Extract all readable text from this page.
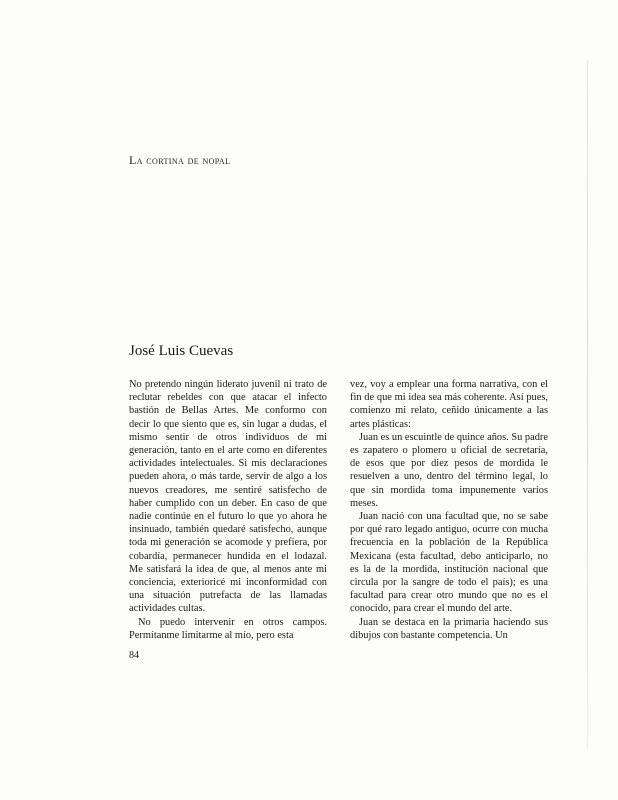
La cortina de nopal
José Luis Cuevas

No pretendo ningún liderato juvenil ni trato de reclutar rebeldes con que atacar el infecto bastión de Bellas Artes. Me conformo con decir lo que siento que es, sin lugar a dudas, el mismo sentir de otros individuos de mi generación, tanto en el arte como en diferentes actividades intelectuales. Si mis declaraciones pueden ahora, o más tarde, servir de algo a los nuevos creadores, me sentiré satisfecho de haber cumplido con un deber. En caso de que nadie continúe en el futuro lo que yo ahora he insinuado, también quedaré satisfecho, aunque toda mi generación se acomode y prefiera, por cobardía, permanecer hundida en el lodazal. Me satisfará la idea de que, al menos ante mi conciencia, exterioricé mi inconformidad con una situación putrefacta de las llamadas actividades cultas.

No puedo intervenir en otros campos. Permítanme limitarme al mío, pero esta

vez, voy a emplear una forma narrativa, con el fin de que mi idea sea más coherente. Así pues, comienzo mi relato, ceñido únicamente a las artes plásticas:

Juan es un escuintle de quince años. Su padre es zapatero o plomero u oficial de secretaría, de esos que por diez pesos de mordida le resuelven a uno, dentro del término legal, lo que sin mordida toma impunemente varios meses.

Juan nació con una facultad que, no se sabe por qué raro legado antiguo, ocurre con mucha frecuencia en la población de la República Mexicana (esta facultad, debo anticiparlo, no es la de la mordida, institución nacional que circula por la sangre de todo el país); es una facultad para crear otro mundo que no es el conocido, para crear el mundo del arte.

Juan se destaca en la primaria haciendo sus dibujos con bastante competencia. Un

84
